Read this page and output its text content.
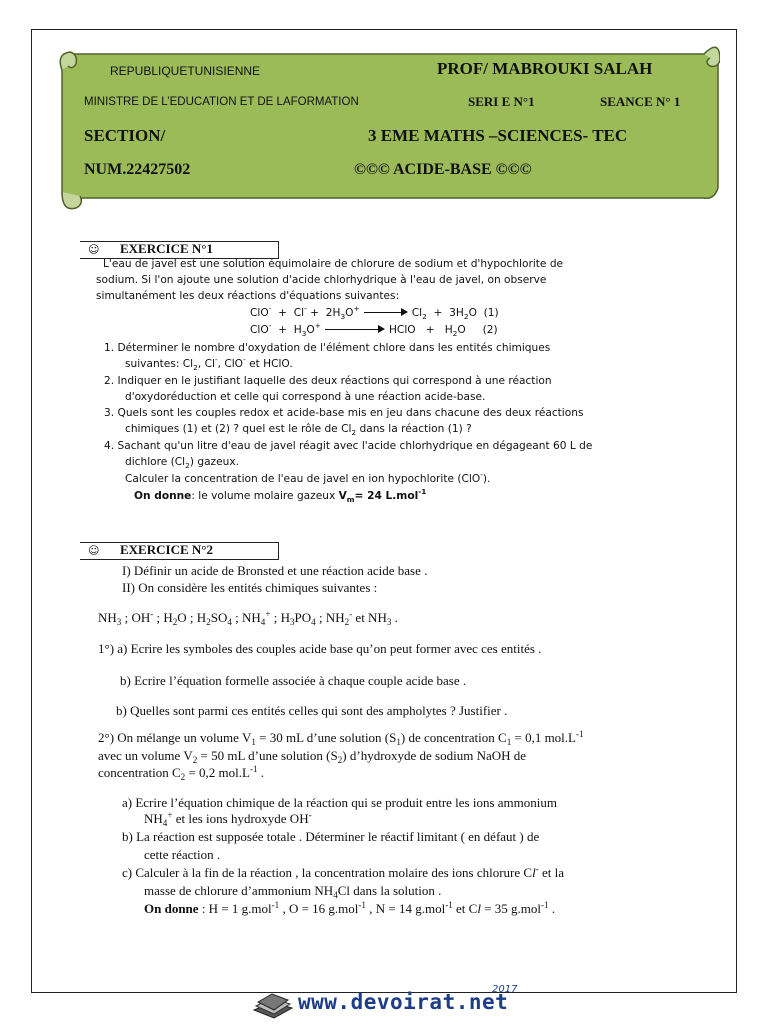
REPUBLIQUETUNISIENNE	PROF/ MABROUKI SALAH
MINISTRE DE L’EDUCATION ET DE LAFORMATION	SERI E N°1	SEANCE N° 1
SECTION/	3 EME MATHS –SCIENCES- TEC
NUM.22427502	©©© ACIDE-BASE ©©©
☺ EXERCICE N°1
L'eau de javel est une solution équimolaire de chlorure de sodium et d'hypochlorite de
sodium. Si l'on ajoute une solution d'acide chlorhydrique à l'eau de javel, on observe
simultanément les deux réactions d'équations suivantes:
$ClO^- + Cl^- + 2H_3O^+$	$Cl_2 + 3H_2O$  (1)
$ClO^- + H_3O^+$	HClO   +   $H_2O$     (2)
1. Déterminer le nombre d'oxydation de l'élément chlore dans les entités chimiques
suivantes: $Cl_2$, Cl-, ClO- et HClO.
2. Indiquer en le justifiant laquelle des deux réactions qui correspond à une réaction
d'oxydoréduction et celle qui correspond à une réaction acide-base.
3. Quels sont les couples redox et acide-base mis en jeu dans chacune des deux réactions
chimiques (1) et (2) ? quel est le rôle de $Cl_2$ dans la réaction (1) ?
4. Sachant qu'un litre d'eau de javel réagit avec l'acide chlorhydrique en dégageant 60 L de
dichlore $(Cl_2)$ gazeux.
Calculer la concentration de l'eau de javel en ion hypochlorite (ClO-).
On donne: le volume molaire gazeux $V_m= 24$ L.mol$^{-1}$
☺ EXERCICE N°2
I) Définir un acide de Bronsted et une réaction acide base .
II) On considère les entités chimiques suivantes :
$NH_3$ ; OH- ; $H_2O$ ; $H_2SO_4$ ; $NH_4^+$ ; $H_3PO_4$ ; $NH_2^-$ et $NH_3$ .
1°) a) Ecrire les symboles des couples acide base qu’on peut former avec ces entités .
b) Ecrire l’équation formelle associée à chaque couple acide base .
b) Quelles sont parmi ces entités celles qui sont des ampholytes ? Justifier .
2°) On mélange un volume $V_1 = 30$ mL d’une solution $(S_1)$ de concentration $C_1 = 0,1$ $mol.L^{-1}$
avec un volume $V_2 = 50$ mL d’une solution $(S_2)$ d’hydroxyde de sodium NaOH de
concentration $C_2 = 0,2$ $mol.L^{-1}$ .
a) Ecrire l’équation chimique de la réaction qui se produit entre les ions ammonium
$NH_4^+$ et les ions hydroxyde OH-
b) La réaction est supposée totale . Déterminer le réactif limitant ( en défaut ) de
cette réaction .
c) Calculer à la fin de la réaction , la concentration molaire des ions chlorure Cl- et la
masse de chlorure d’ammonium $NH_4Cl$ dans la solution .
On donne : H = 1 g.mol$^{-1}$ , O = 16 g.mol$^{-1}$ , N = 14 g.mol$^{-1}$ et Cl = 35 g.mol$^{-1}$ .
www.devoirat.net
2017
